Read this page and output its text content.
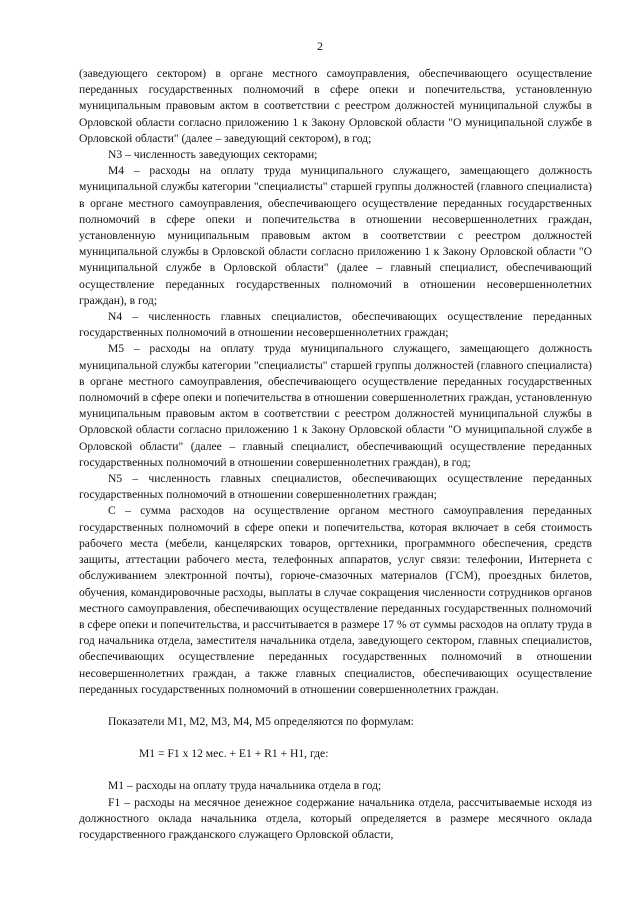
2

(заведующего сектором) в органе местного самоуправления, обеспечивающего осуществление переданных государственных полномочий в сфере опеки и попечительства, установленную муниципальным правовым актом в соответствии с реестром должностей муниципальной службы в Орловской области согласно приложению 1 к Закону Орловской области "О муниципальной службе в Орловской области" (далее – заведующий сектором), в год;

N3 – численность заведующих секторами;

М4 – расходы на оплату труда муниципального служащего, замещающего должность муниципальной службы категории "специалисты" старшей группы должностей (главного специалиста) в органе местного самоуправления, обеспечивающего осуществление переданных государственных полномочий в сфере опеки и попечительства в отношении несовершеннолетних граждан, установленную муниципальным правовым актом в соответствии с реестром должностей муниципальной службы в Орловской области согласно приложению 1 к Закону Орловской области "О муниципальной службе в Орловской области" (далее – главный специалист, обеспечивающий осуществление переданных государственных полномочий в отношении несовершеннолетних граждан), в год;

N4 – численность главных специалистов, обеспечивающих осуществление переданных государственных полномочий в отношении несовершеннолетних граждан;

М5 – расходы на оплату труда муниципального служащего, замещающего должность муниципальной службы категории "специалисты" старшей группы должностей (главного специалиста) в органе местного самоуправления, обеспечивающего осуществление переданных государственных полномочий в сфере опеки и попечительства в отношении совершеннолетних граждан, установленную муниципальным правовым актом в соответствии с реестром должностей муниципальной службы в Орловской области согласно приложению 1 к Закону Орловской области "О муниципальной службе в Орловской области" (далее – главный специалист, обеспечивающий осуществление переданных государственных полномочий в отношении совершеннолетних граждан), в год;

N5 – численность главных специалистов, обеспечивающих осуществление переданных государственных полномочий в отношении совершеннолетних граждан;

С – сумма расходов на осуществление органом местного самоуправления переданных государственных полномочий в сфере опеки и попечительства, которая включает в себя стоимость рабочего места (мебели, канцелярских товаров, оргтехники, программного обеспечения, средств защиты, аттестации рабочего места, телефонных аппаратов, услуг связи: телефонии, Интернета с обслуживанием электронной почты), горюче-смазочных материалов (ГСМ), проездных билетов, обучения, командировочные расходы, выплаты в случае сокращения численности сотрудников органов местного самоуправления, обеспечивающих осуществление переданных государственных полномочий в сфере опеки и попечительства, и рассчитывается в размере 17 % от суммы расходов на оплату труда в год начальника отдела, заместителя начальника отдела, заведующего сектором, главных специалистов, обеспечивающих осуществление переданных государственных полномочий в отношении несовершеннолетних граждан, а также главных специалистов, обеспечивающих осуществление переданных государственных полномочий в отношении совершеннолетних граждан.

Показатели М1, М2, М3, М4, М5 определяются по формулам:

М1 = F1 х 12 мес. + Е1 + R1 + Н1, где:

М1 – расходы на оплату труда начальника отдела в год;

F1 – расходы на месячное денежное содержание начальника отдела, рассчитываемые исходя из должностного оклада начальника отдела, который определяется в размере месячного оклада государственного гражданского служащего Орловской области,
